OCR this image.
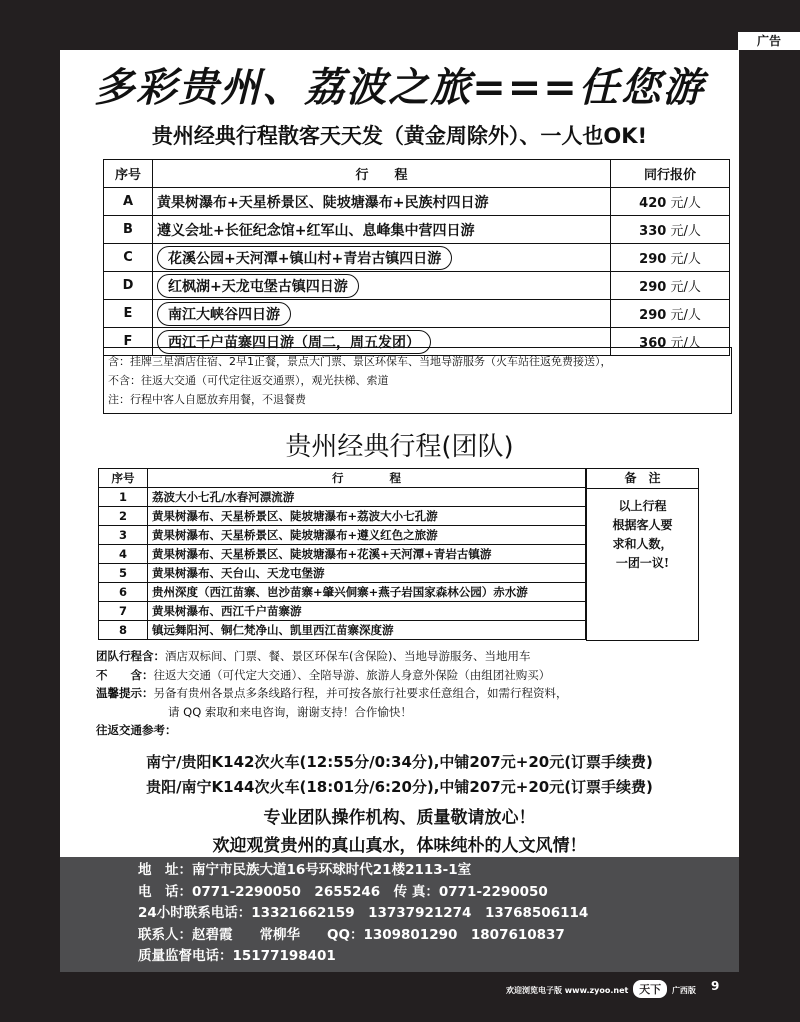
广告
多彩贵州、荔波之旅===任您游
贵州经典行程散客天天发（黄金周除外）、一人也OK!
序号	行　　程	同行报价
A	黄果树瀑布+天星桥景区、陡坡塘瀑布+民族村四日游	420 元/人
B	遵义会址+长征纪念馆+红军山、息峰集中营四日游	330 元/人
C	花溪公园+天河潭+镇山村+青岩古镇四日游	290 元/人
D	红枫湖+天龙屯堡古镇四日游	290 元/人
E	南江大峡谷四日游	290 元/人
F	西江千户苗寨四日游（周二，周五发团）	360 元/人
含：挂牌三星酒店住宿、2早1正餐，景点大门票、景区环保车、当地导游服务（火车站往返免费接送），
不含：往返大交通（可代定往返交通票），观光扶梯、索道
注：行程中客人自愿放弃用餐，不退餐费
贵州经典行程(团队)
序号	行　　　　程
1	荔波大小七孔/水春河漂流游
2	黄果树瀑布、天星桥景区、陡坡塘瀑布+荔波大小七孔游
3	黄果树瀑布、天星桥景区、陡坡塘瀑布+遵义红色之旅游
4	黄果树瀑布、天星桥景区、陡坡塘瀑布+花溪+天河潭+青岩古镇游
5	黄果树瀑布、天台山、天龙屯堡游
6	贵州深度（西江苗寨、岜沙苗寨+肇兴侗寨+燕子岩国家森林公园）赤水游
7	黄果树瀑布、西江千户苗寨游
8	镇远舞阳河、铜仁梵净山、凯里西江苗寨深度游
备　注
以上行程
根据客人要
求和人数，
一团一议!
团队行程含：酒店双标间、门票、餐、景区环保车(含保险)、当地导游服务、当地用车
不　　含：往返大交通（可代定大交通）、全陪导游、旅游人身意外保险（由组团社购买）
温馨提示：另备有贵州各景点多条线路行程，并可按各旅行社要求任意组合，如需行程资料，
请 QQ 索取和来电咨询，谢谢支持！合作愉快！
往返交通参考：
南宁/贵阳K142次火车(12:55分/0:34分),中铺207元+20元(订票手续费)
贵阳/南宁K144次火车(18:01分/6:20分),中铺207元+20元(订票手续费)
专业团队操作机构、质量敬请放心！
欢迎观赏贵州的真山真水，体味纯朴的人文风情！
地　址：南宁市民族大道16号环球时代21楼2113-1室
电　话：0771-2290050　2655246　传 真：0771-2290050
24小时联系电话：13321662159　13737921274　13768506114
联系人：赵碧霞　　常柳华　　QQ：1309801290　1807610837
质量监督电话：15177198401
欢迎浏览电子版 www.zyoo.net 天下 广西版 9
